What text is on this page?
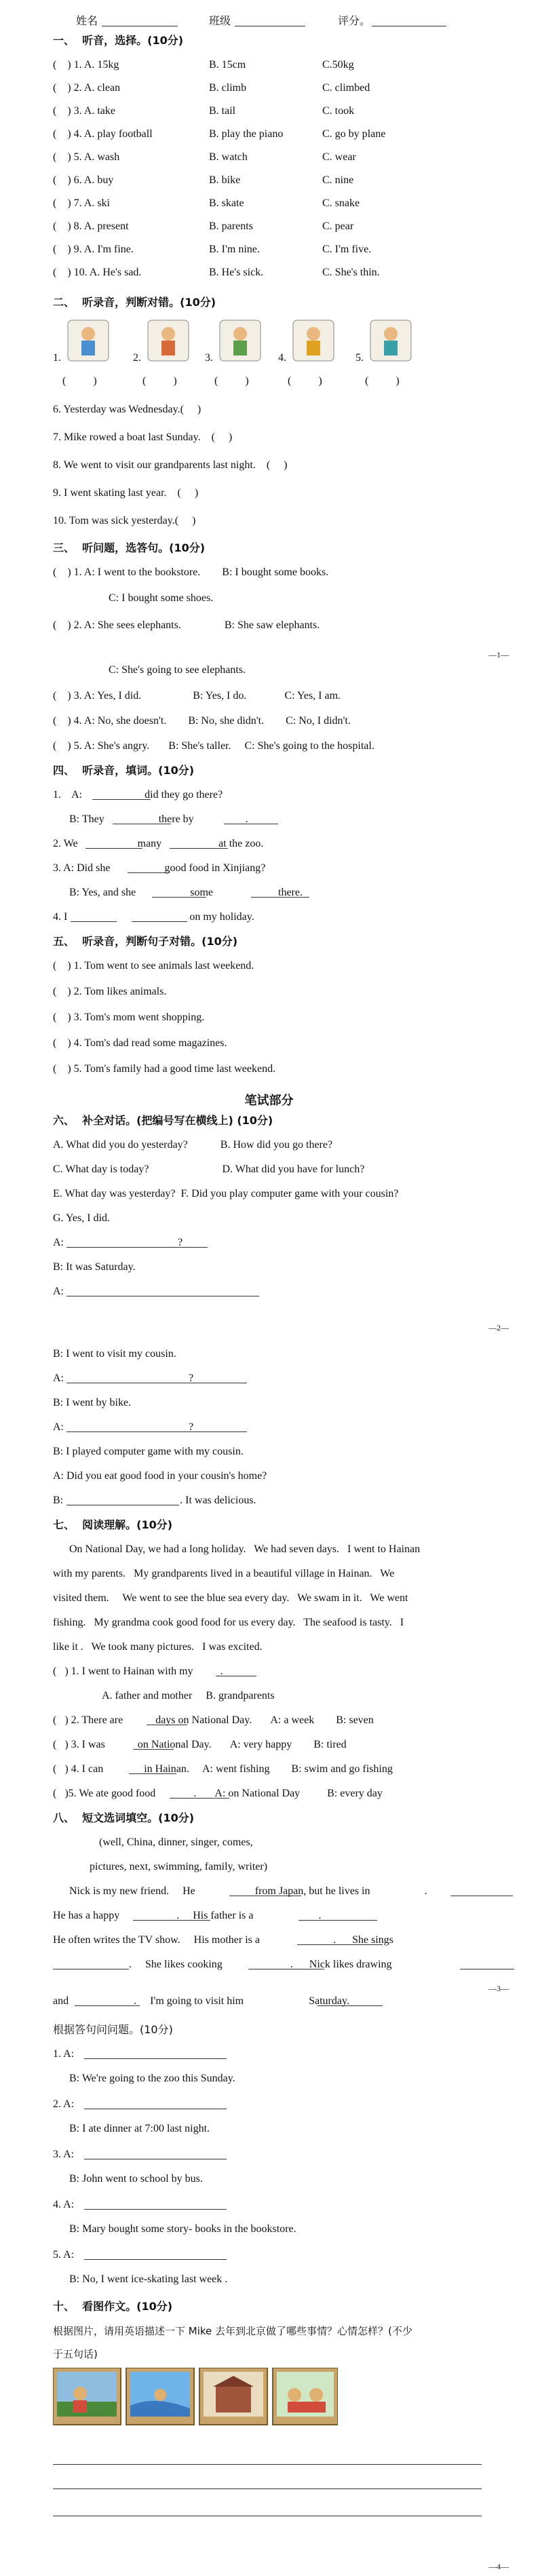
姓名	班级	评分。
一、  听音，选择。(10分)
(    ) 1. A. 15kg	B. 15cm	C.50kg
(    ) 2. A. clean	B. climb	C. climbed
(    ) 3. A. take	B. tail	C. took
(    ) 4. A. play football	B. play the piano	C. go by plane
(    ) 5. A. wash	B. watch	C. wear
(    ) 6. A. buy	B. bike	C. nine
(    ) 7. A. ski	B. skate	C. snake
(    ) 8. A. present	B. parents	C. pear
(    ) 9. A. I'm fine.	B. I'm nine.	C. I'm five.
(    ) 10. A. He's sad.	B. He's sick.	C. She's thin.
二、  听录音，判断对错。(10分)
1.
(          )
2.
(          )
3.
(          )
4.
(          )
5.
(          )
6. Yesterday was Wednesday.(     )
7. Mike rowed a boat last Sunday.    (     )
8. We went to visit our grandparents last night.    (     )
9. I went skating last year.    (     )
10. Tom was sick yesterday.(     )
三、  听问题，选答句。(10分)
(    ) 1. A: I went to the bookstore.        B: I bought some books.
C: I bought some shoes.
(    ) 2. A: She sees elephants.                B: She saw elephants.
—1—
C: She's going to see elephants.
(    ) 3. A: Yes, I did.                   B: Yes, I do.              C: Yes, I am.
(    ) 4. A: No, she doesn't.        B: No, she didn't.        C: No, I didn't.
(    ) 5. A: She's angry.       B: She's taller.     C: She's going to the hospital.
四、  听录音，填词。(10分)
1.    A:                       did they go there?
B: They                    there by                   .
2. We                      many                     at the zoo.
3. A: Did she                    good food in Xinjiang?
B: Yes, and she                    some                        there.
4. I                                             on my holiday.
五、  听录音，判断句子对错。(10分)
(    ) 1. Tom went to see animals last weekend.
(    ) 2. Tom likes animals.
(    ) 3. Tom's mom went shopping.
(    ) 4. Tom's dad read some magazines.
(    ) 5. Tom's family had a good time last weekend.
笔试部分
六、  补全对话。(把编号写在横线上) (10分)
A. What did you do yesterday?            B. How did you go there?
C. What day is today?                           D. What did you have for lunch?
E. What day was yesterday?  F. Did you play computer game with your cousin?
G. Yes, I did.
A:                                          ?
B: It was Saturday.
A:
—2—
B: I went to visit my cousin.
A:                                              ?
B: I went by bike.
A:                                              ?
B: I played computer game with my cousin.
A: Did you eat good food in your cousin's home?
B:                                           . It was delicious.
七、  阅读理解。(10分)
On National Day, we had a long holiday.   We had seven days.   I went to Hainan
with my parents.   My grandparents lived in a beautiful village in Hainan.   We
visited them.     We went to see the blue sea every day.   We swam in it.   We went
fishing.   My grandma cook good food for us every day.   The seafood is tasty.   I
like it .   We took many pictures.   I was excited.
(   ) 1. I went to Hainan with my          .
A. father and mother     B. grandparents
(   ) 2. There are            days on National Day.       A: a week        B: seven
(   ) 3. I was            on National Day.       A: very happy        B: tired
(   ) 4. I can               in Hainan.     A: went fishing        B: swim and go fishing
(   )5. We ate good food              .       A: on National Day          B: every day
八、  短文选词填空。(10分)
(well, China, dinner, singer, comes,
pictures, next, swimming, family, writer)
Nick is my new friend.     He                      from Japan, but he lives in                    .
He has a happy                     .     His father is a                        .
He often writes the TV show.     His mother is a                           .      She sings
.     She likes cooking                         .      Nick likes drawing
—3—
and                        .     I'm going to visit him                        Saturday.
根据答句问问题。(10分)
1. A:
B: We're going to the zoo this Sunday.
2. A:
B: I ate dinner at 7:00 last night.
3. A:
B: John went to school by bus.
4. A:
B: Mary bought some story- books in the bookstore.
5. A:
B: No, I went ice-skating last week .
十、  看图作文。(10分)
根据图片，请用英语描述一下 Mike 去年到北京做了哪些事情？心情怎样？(不少
于五句话)
—4—
